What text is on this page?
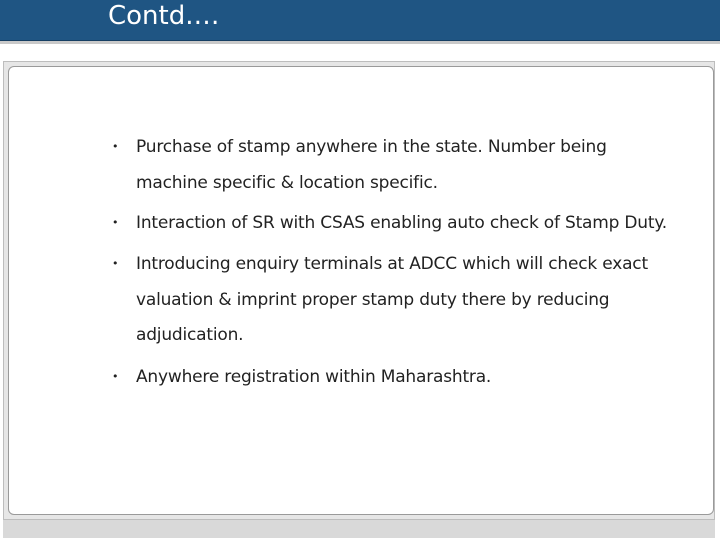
Contd.…
• Purchase of stamp anywhere in the state. Number being
machine specific & location specific.
• Interaction of SR with CSAS enabling auto check of Stamp Duty.
• Introducing enquiry terminals at ADCC which will check exact
valuation & imprint proper stamp duty there by reducing
adjudication.
• Anywhere registration within Maharashtra.
